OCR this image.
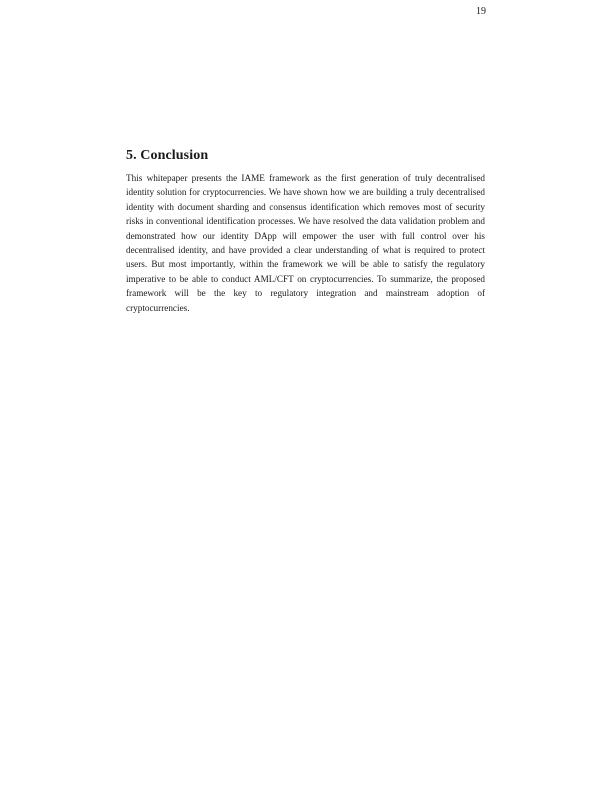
19
5. Conclusion

This whitepaper presents the IAME framework as the first generation of truly decentralised identity solution for cryptocurrencies. We have shown how we are building a truly decentralised identity with document sharding and consensus identification which removes most of security risks in conventional identification processes. We have resolved the data validation problem and demonstrated how our identity DApp will empower the user with full control over his decentralised identity, and have provided a clear understanding of what is required to protect users. But most importantly, within the framework we will be able to satisfy the regulatory imperative to be able to conduct AML/CFT on cryptocurrencies. To summarize, the proposed framework will be the key to regulatory integration and mainstream adoption of cryptocurrencies.
